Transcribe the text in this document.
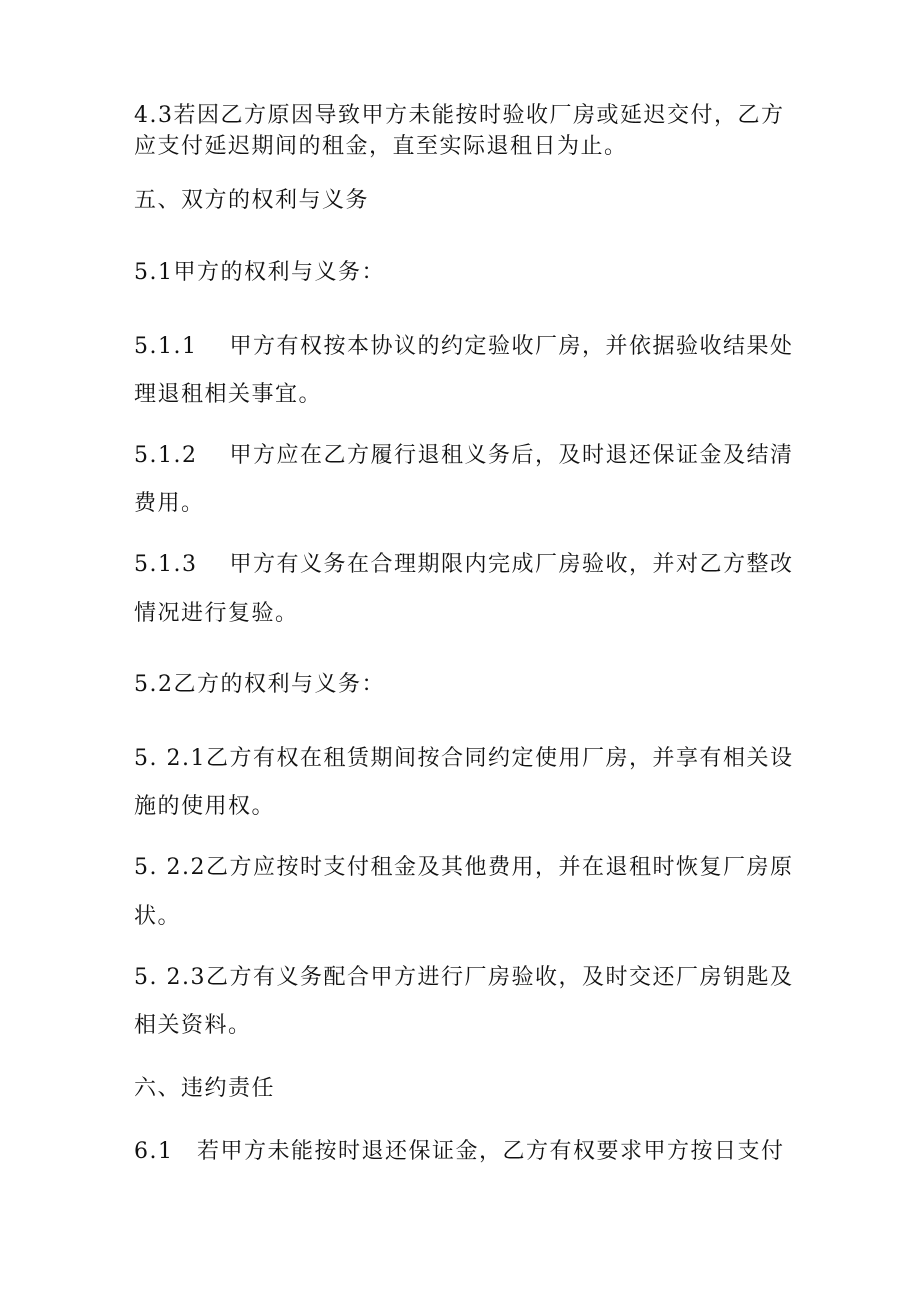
4.3若因乙方原因导致甲方未能按时验收厂房或延迟交付，乙方
应支付延迟期间的租金，直至实际退租日为止。
五、双方的权利与义务
5.1甲方的权利与义务：
5.1.1　 甲方有权按本协议的约定验收厂房，并依据验收结果处
理退租相关事宜。
5.1.2　 甲方应在乙方履行退租义务后，及时退还保证金及结清
费用。
5.1.3　 甲方有义务在合理期限内完成厂房验收，并对乙方整改
情况进行复验。
5.2乙方的权利与义务：
5. 2.1乙方有权在租赁期间按合同约定使用厂房，并享有相关设
施的使用权。
5. 2.2乙方应按时支付租金及其他费用，并在退租时恢复厂房原
状。
5. 2.3乙方有义务配合甲方进行厂房验收，及时交还厂房钥匙及
相关资料。
六、违约责任
6.1　若甲方未能按时退还保证金，乙方有权要求甲方按日支付
